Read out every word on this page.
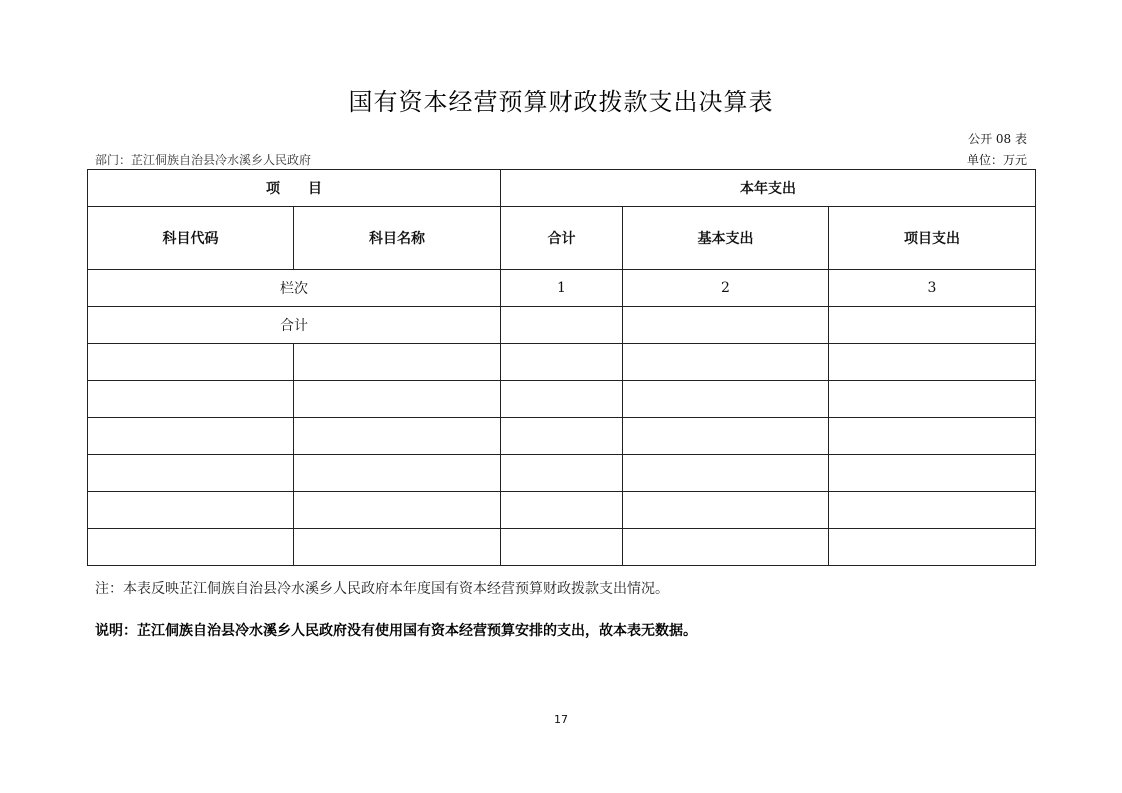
国有资本经营预算财政拨款支出决算表
公开 08 表
部门：芷江侗族自治县冷水溪乡人民政府	单位：万元
项　　目		本年支出		
科目代码	科目名称	合计	基本支出	项目支出
栏次		1	2	3
合计				

注：本表反映芷江侗族自治县冷水溪乡人民政府本年度国有资本经营预算财政拨款支出情况。
说明：芷江侗族自治县冷水溪乡人民政府没有使用国有资本经营预算安排的支出，故本表无数据。
17
